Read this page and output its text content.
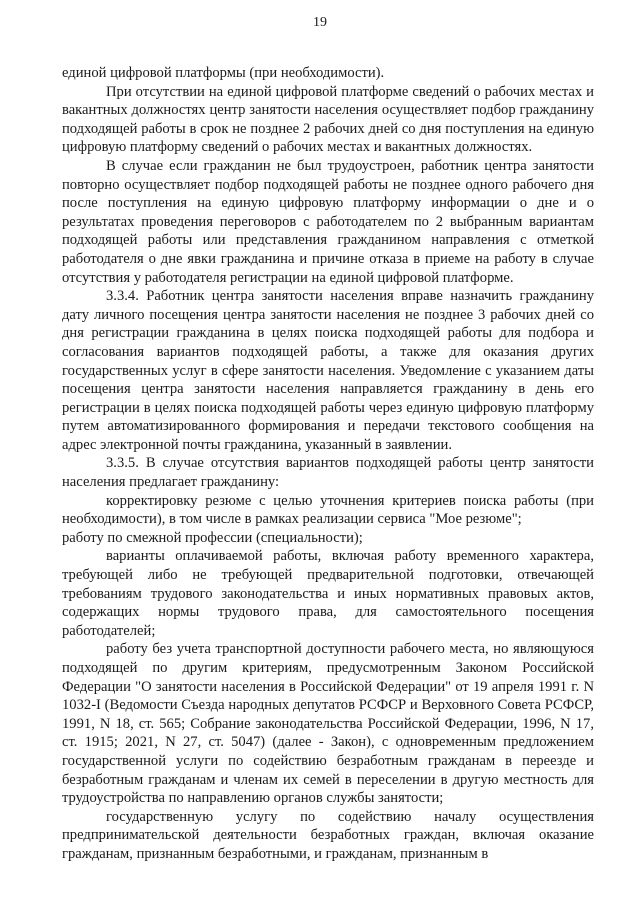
19

единой цифровой платформы (при необходимости).

При отсутствии на единой цифровой платформе сведений о рабочих местах и вакантных должностях центр занятости населения осуществляет подбор гражданину подходящей работы в срок не позднее 2 рабочих дней со дня поступления на единую цифровую платформу сведений о рабочих местах и вакантных должностях.

В случае если гражданин не был трудоустроен, работник центра занятости повторно осуществляет подбор подходящей работы не позднее одного рабочего дня после поступления на единую цифровую платформу информации о дне и о результатах проведения переговоров с работодателем по 2 выбранным вариантам подходящей работы или представления гражданином направления с отметкой работодателя о дне явки гражданина и причине отказа в приеме на работу в случае отсутствия у работодателя регистрации на единой цифровой платформе.

3.3.4. Работник центра занятости населения вправе назначить гражданину дату личного посещения центра занятости населения не позднее 3 рабочих дней со дня регистрации гражданина в целях поиска подходящей работы для подбора и согласования вариантов подходящей работы, а также для оказания других государственных услуг в сфере занятости населения. Уведомление с указанием даты посещения центра занятости населения направляется гражданину в день его регистрации в целях поиска подходящей работы через единую цифровую платформу путем автоматизированного формирования и передачи текстового сообщения на адрес электронной почты гражданина, указанный в заявлении.

3.3.5. В случае отсутствия вариантов подходящей работы центр занятости населения предлагает гражданину:

корректировку резюме с целью уточнения критериев поиска работы (при необходимости), в том числе в рамках реализации сервиса "Мое резюме";

работу по смежной профессии (специальности);

варианты оплачиваемой работы, включая работу временного характера, требующей либо не требующей предварительной подготовки, отвечающей требованиям трудового законодательства и иных нормативных правовых актов, содержащих нормы трудового права, для самостоятельного посещения работодателей;

работу без учета транспортной доступности рабочего места, но являющуюся подходящей по другим критериям, предусмотренным Законом Российской Федерации "О занятости населения в Российской Федерации" от 19 апреля 1991 г. N 1032-I (Ведомости Съезда народных депутатов РСФСР и Верховного Совета РСФСР, 1991, N 18, ст. 565; Собрание законодательства Российской Федерации, 1996, N 17, ст. 1915; 2021, N 27, ст. 5047) (далее - Закон), с одновременным предложением государственной услуги по содействию безработным гражданам в переезде и безработным гражданам и членам их семей в переселении в другую местность для трудоустройства по направлению органов службы занятости;

государственную услугу по содействию началу осуществления предпринимательской деятельности безработных граждан, включая оказание гражданам, признанным безработными, и гражданам, признанным в
